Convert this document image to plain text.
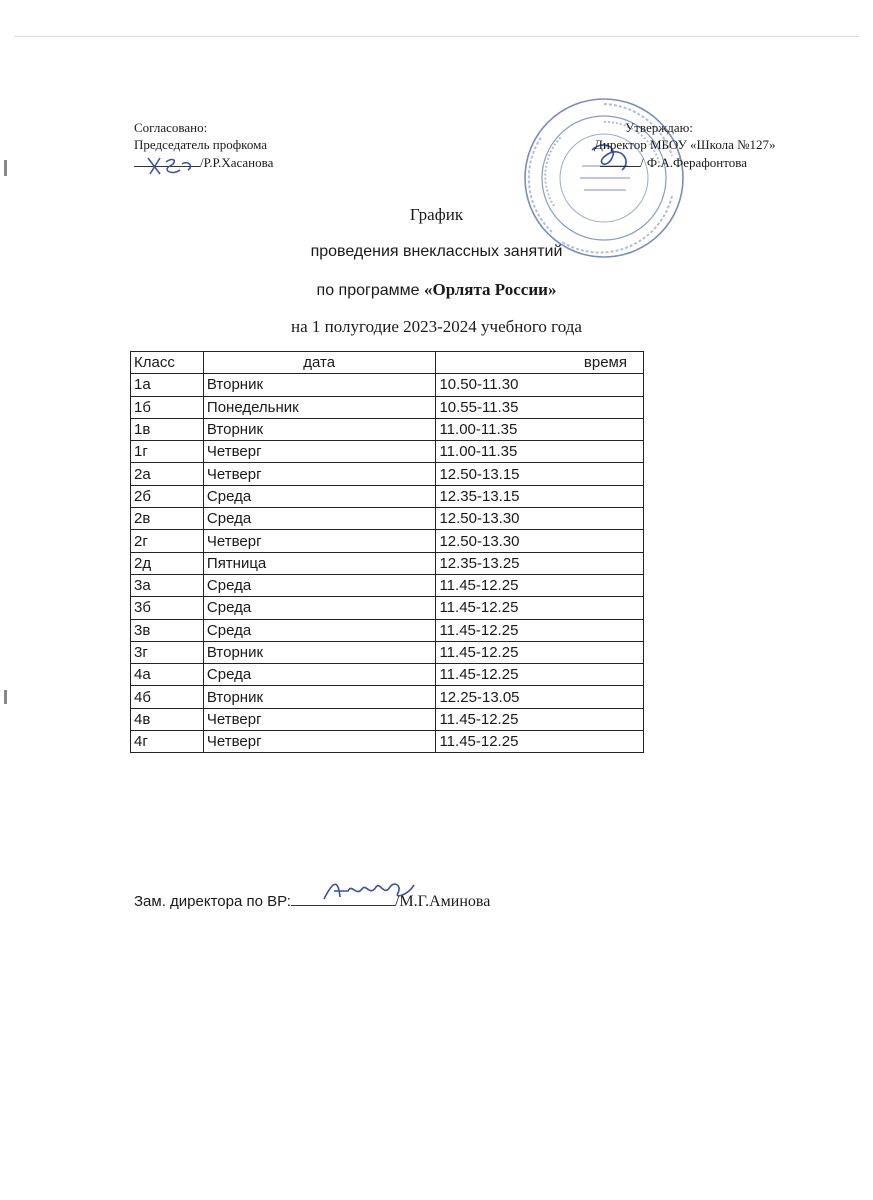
Согласовано:
Председатель профкома
/Р.Р.Хасанова
Утверждаю:
Директор МБОУ «Школа №127»
/ Ф.А.Ферафонтова
График
проведения внеклассных занятий
по программе «Орлята России»
на 1 полугодие 2023-2024 учебного года
Класс	дата	время
1а	Вторник	10.50-11.30
1б	Понедельник	10.55-11.35
1в	Вторник	11.00-11.35
1г	Четверг	11.00-11.35
2а	Четверг	12.50-13.15
2б	Среда	12.35-13.15
2в	Среда	12.50-13.30
2г	Четверг	12.50-13.30
2д	Пятница	12.35-13.25
3а	Среда	11.45-12.25
3б	Среда	11.45-12.25
3в	Среда	11.45-12.25
3г	Вторник	11.45-12.25
4а	Среда	11.45-12.25
4б	Вторник	12.25-13.05
4в	Четверг	11.45-12.25
4г	Четверг	11.45-12.25
Зам. директора по ВР:	/М.Г.Аминова
